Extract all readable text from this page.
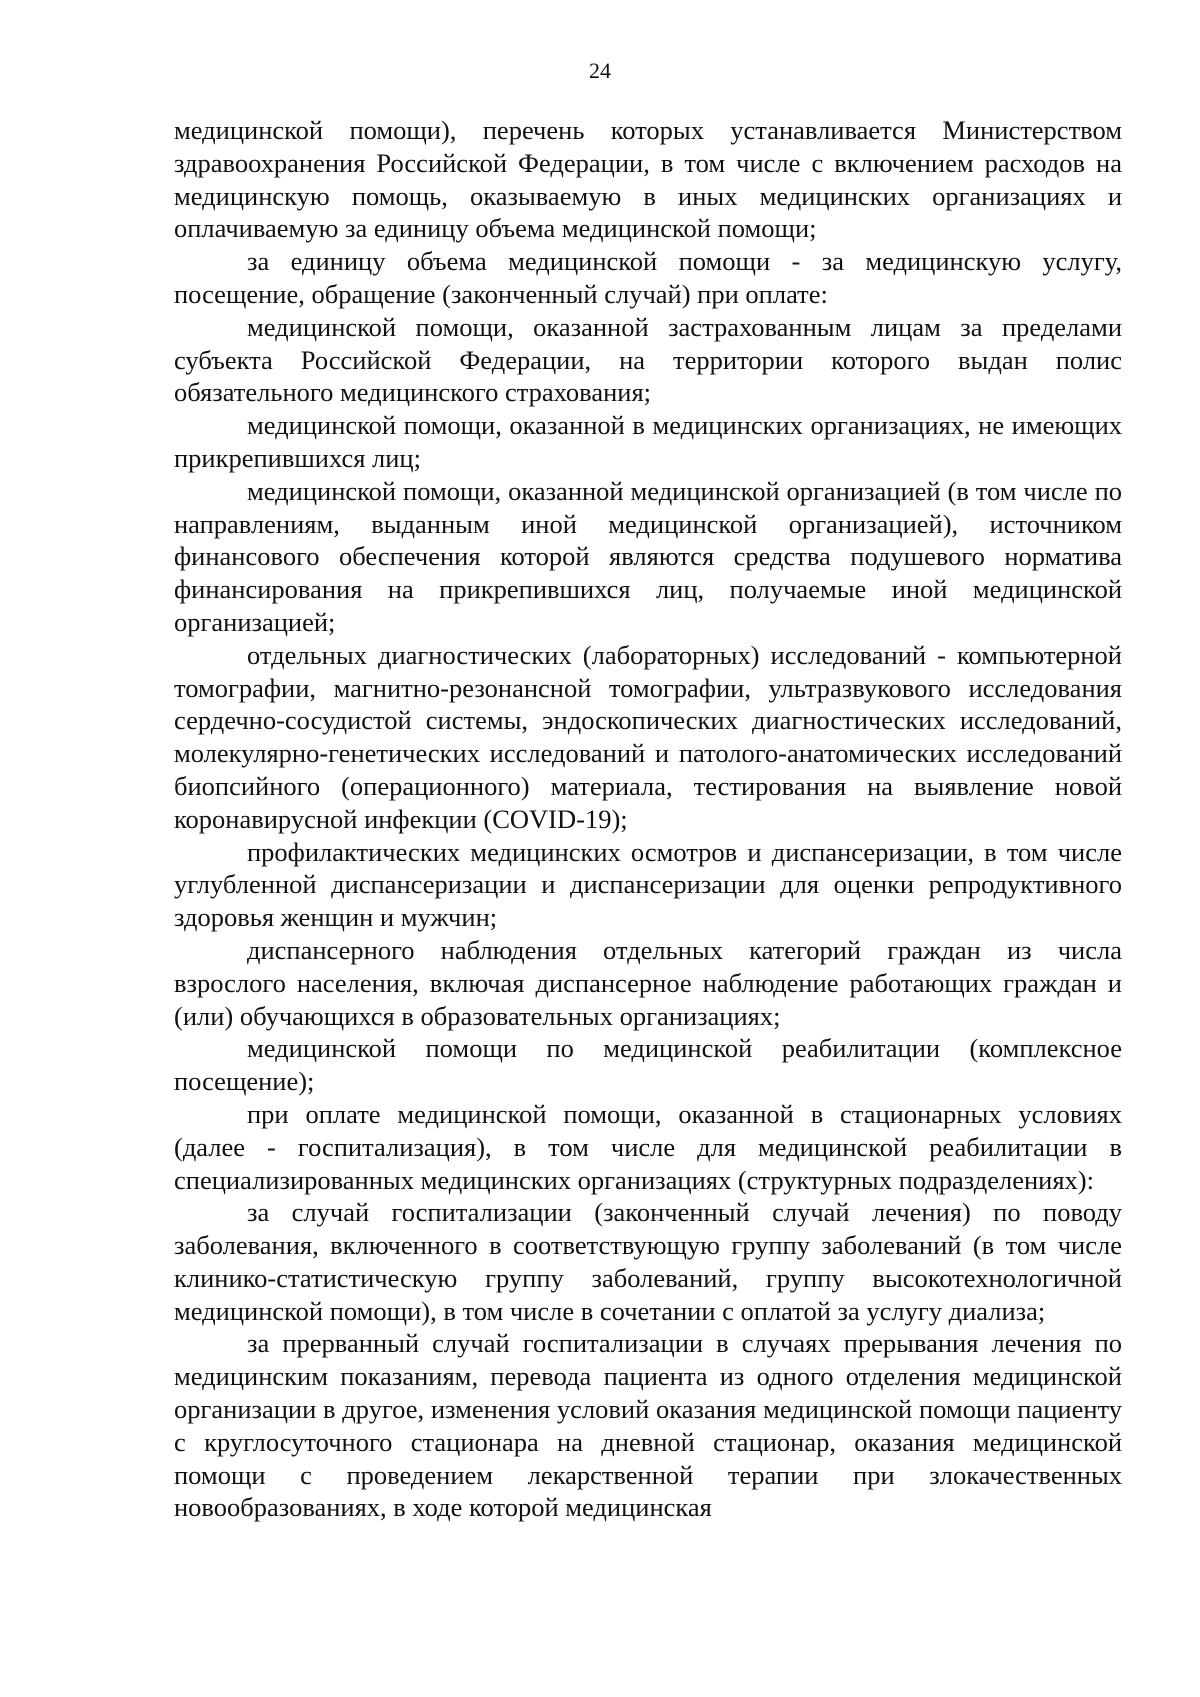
24

медицинской помощи), перечень которых устанавливается Министерством здравоохранения Российской Федерации, в том числе с включением расходов на медицинскую помощь, оказываемую в иных медицинских организациях и оплачиваемую за единицу объема медицинской помощи;

за единицу объема медицинской помощи - за медицинскую услугу, посещение, обращение (законченный случай) при оплате:

медицинской помощи, оказанной застрахованным лицам за пределами субъекта Российской Федерации, на территории которого выдан полис обязательного медицинского страхования;

медицинской помощи, оказанной в медицинских организациях, не имеющих прикрепившихся лиц;

медицинской помощи, оказанной медицинской организацией (в том числе по направлениям, выданным иной медицинской организацией), источником финансового обеспечения которой являются средства подушевого норматива финансирования на прикрепившихся лиц, получаемые иной медицинской организацией;

отдельных диагностических (лабораторных) исследований - компьютерной томографии, магнитно-резонансной томографии, ультразвукового исследования сердечно-сосудистой системы, эндоскопических диагностических исследований, молекулярно-генетических исследований и патолого-анатомических исследований биопсийного (операционного) материала, тестирования на выявление новой коронавирусной инфекции (COVID-19);

профилактических медицинских осмотров и диспансеризации, в том числе углубленной диспансеризации и диспансеризации для оценки репродуктивного здоровья женщин и мужчин;

диспансерного наблюдения отдельных категорий граждан из числа взрослого населения, включая диспансерное наблюдение работающих граждан и (или) обучающихся в образовательных организациях;

медицинской помощи по медицинской реабилитации (комплексное посещение);

при оплате медицинской помощи, оказанной в стационарных условиях (далее - госпитализация), в том числе для медицинской реабилитации в специализированных медицинских организациях (структурных подразделениях):

за случай госпитализации (законченный случай лечения) по поводу заболевания, включенного в соответствующую группу заболеваний (в том числе клинико-статистическую группу заболеваний, группу высокотехнологичной медицинской помощи), в том числе в сочетании с оплатой за услугу диализа;

за прерванный случай госпитализации в случаях прерывания лечения по медицинским показаниям, перевода пациента из одного отделения медицинской организации в другое, изменения условий оказания медицинской помощи пациенту с круглосуточного стационара на дневной стационар, оказания медицинской помощи с проведением лекарственной терапии при злокачественных новообразованиях, в ходе которой медицинская
